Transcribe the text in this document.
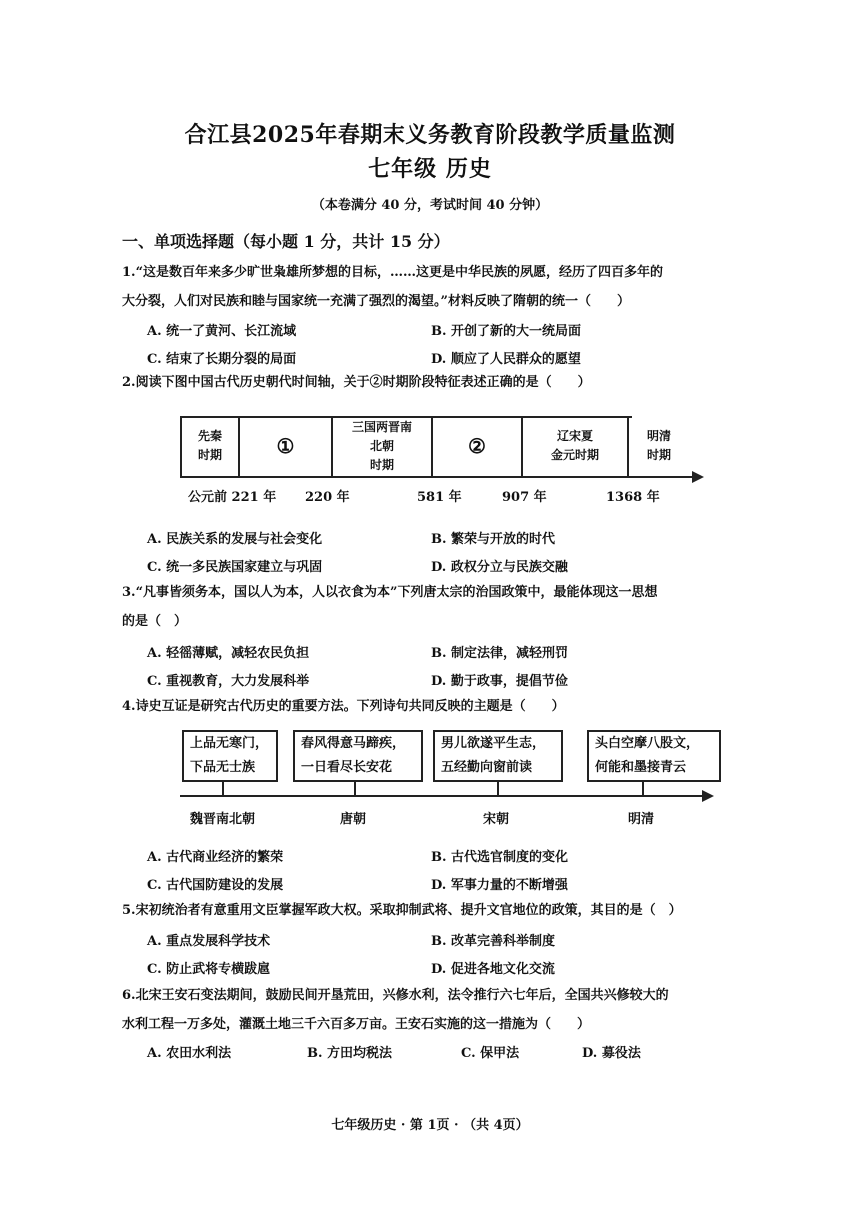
合江县2025年春期末义务教育阶段教学质量监测
七年级 历史
（本卷满分 40 分，考试时间 40 分钟）
一、单项选择题（每小题 1 分，共计 15 分）
1.“这是数百年来多少旷世枭雄所梦想的目标，……这更是中华民族的夙愿，经历了四百多年的
大分裂，人们对民族和睦与国家统一充满了强烈的渴望。”材料反映了隋朝的统一（　　）
A. 统一了黄河、长江流域	B. 开创了新的大一统局面
C. 结束了长期分裂的局面	D. 顺应了人民群众的愿望
2.阅读下图中国古代历史朝代时间轴，关于②时期阶段特征表述正确的是（　　）
先秦
时期	①
三国两晋南
北朝
时期
②	辽宋夏
金元时期
明清
时期
公元前 221 年 220 年	581 年	907 年	1368 年
A. 民族关系的发展与社会变化	B. 繁荣与开放的时代
C. 统一多民族国家建立与巩固	D. 政权分立与民族交融
3.“凡事皆须务本，国以人为本，人以衣食为本”下列唐太宗的治国政策中，最能体现这一思想
的是（　）
A. 轻徭薄赋，减轻农民负担	B. 制定法律，减轻刑罚
C. 重视教育，大力发展科举	D. 勤于政事，提倡节俭
4.诗史互证是研究古代历史的重要方法。下列诗句共同反映的主题是（　　）
上品无寒门，
下品无士族
春风得意马蹄疾，
一日看尽长安花
男儿欲遂平生志，
五经勤向窗前读
头白空摩八股文，
何能和墨接青云
魏晋南北朝	唐朝	宋朝	明清
A. 古代商业经济的繁荣	B. 古代选官制度的变化
C. 古代国防建设的发展	D. 军事力量的不断增强
5.宋初统治者有意重用文臣掌握军政大权。采取抑制武将、提升文官地位的政策，其目的是（　）
A. 重点发展科学技术	B. 改革完善科举制度
C. 防止武将专横跋扈	D. 促进各地文化交流
6.北宋王安石变法期间，鼓励民间开垦荒田，兴修水利，法令推行六七年后，全国共兴修较大的
水利工程一万多处，灌溉土地三千六百多万亩。王安石实施的这一措施为（　　）
A. 农田水利法	B. 方田均税法	C. 保甲法	D. 募役法
七年级历史 · 第 1页 · （共 4页）
